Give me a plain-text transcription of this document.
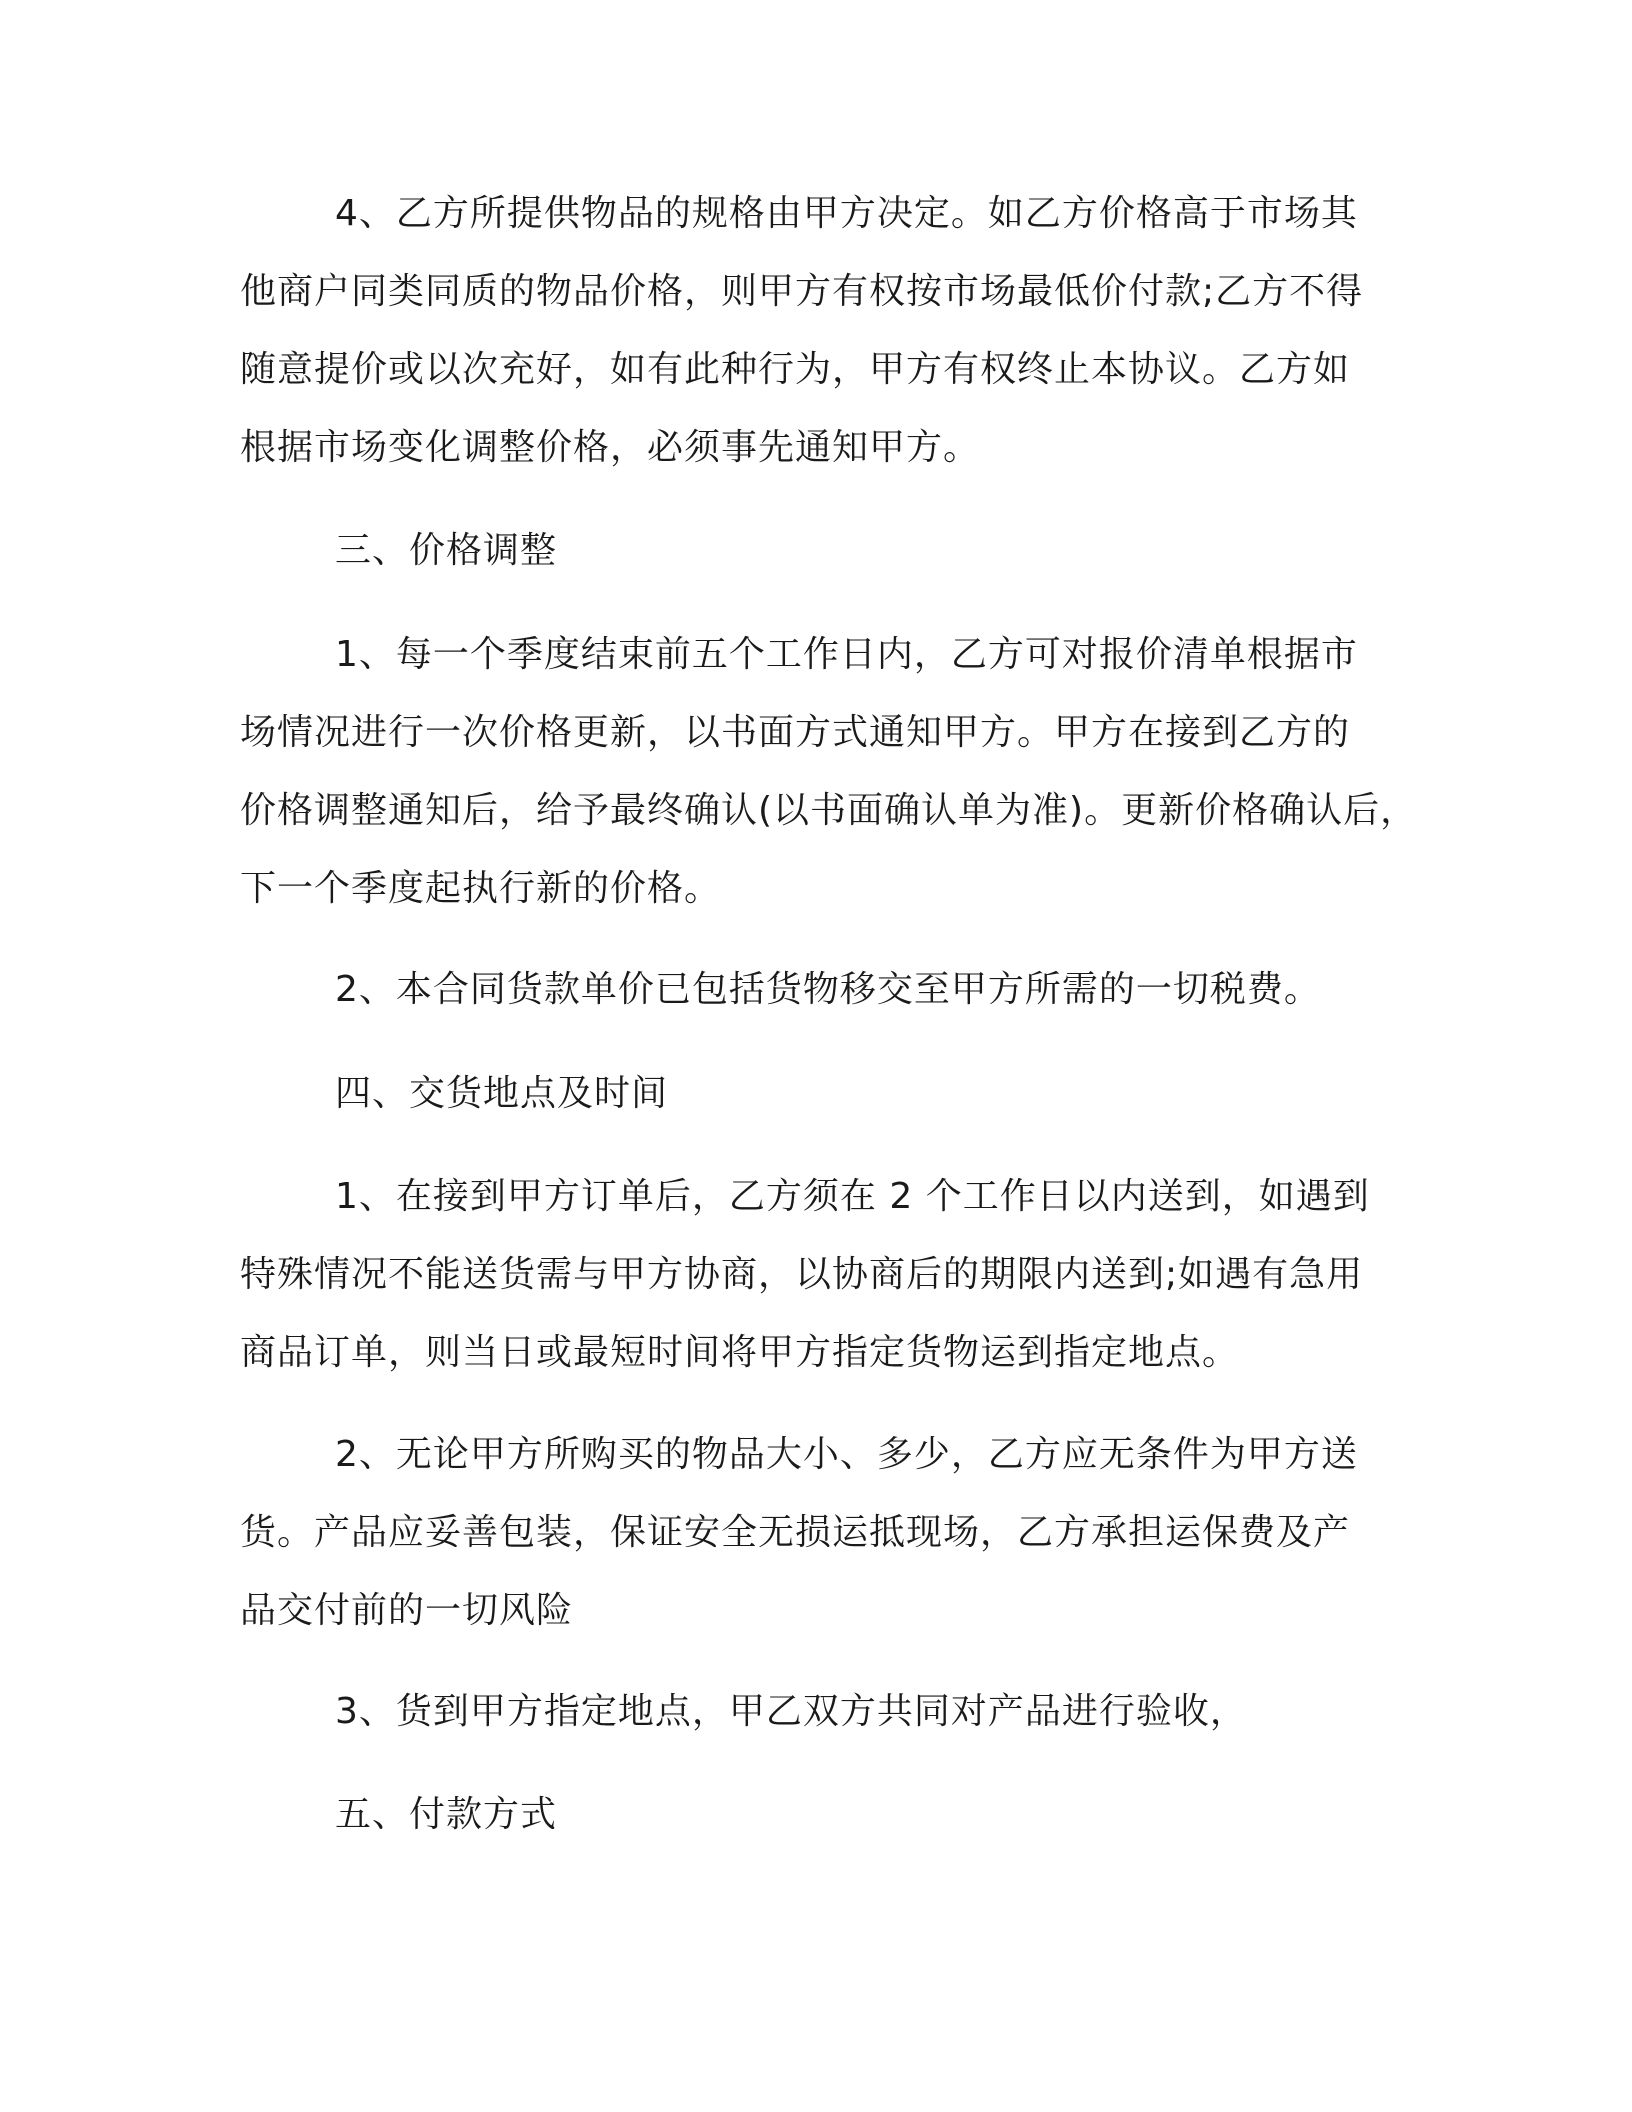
4、乙方所提供物品的规格由甲方决定。如乙方价格高于市场其
他商户同类同质的物品价格，则甲方有权按市场最低价付款;乙方不得
随意提价或以次充好，如有此种行为，甲方有权终止本协议。乙方如
根据市场变化调整价格，必须事先通知甲方。
三、价格调整
1、每一个季度结束前五个工作日内，乙方可对报价清单根据市
场情况进行一次价格更新，以书面方式通知甲方。甲方在接到乙方的
价格调整通知后，给予最终确认(以书面确认单为准)。更新价格确认后，
下一个季度起执行新的价格。
2、本合同货款单价已包括货物移交至甲方所需的一切税费。
四、交货地点及时间
1、在接到甲方订单后，乙方须在 2 个工作日以内送到，如遇到
特殊情况不能送货需与甲方协商，以协商后的期限内送到;如遇有急用
商品订单，则当日或最短时间将甲方指定货物运到指定地点。
2、无论甲方所购买的物品大小、多少，乙方应无条件为甲方送
货。产品应妥善包装，保证安全无损运抵现场，乙方承担运保费及产
品交付前的一切风险
3、货到甲方指定地点，甲乙双方共同对产品进行验收，
五、付款方式
